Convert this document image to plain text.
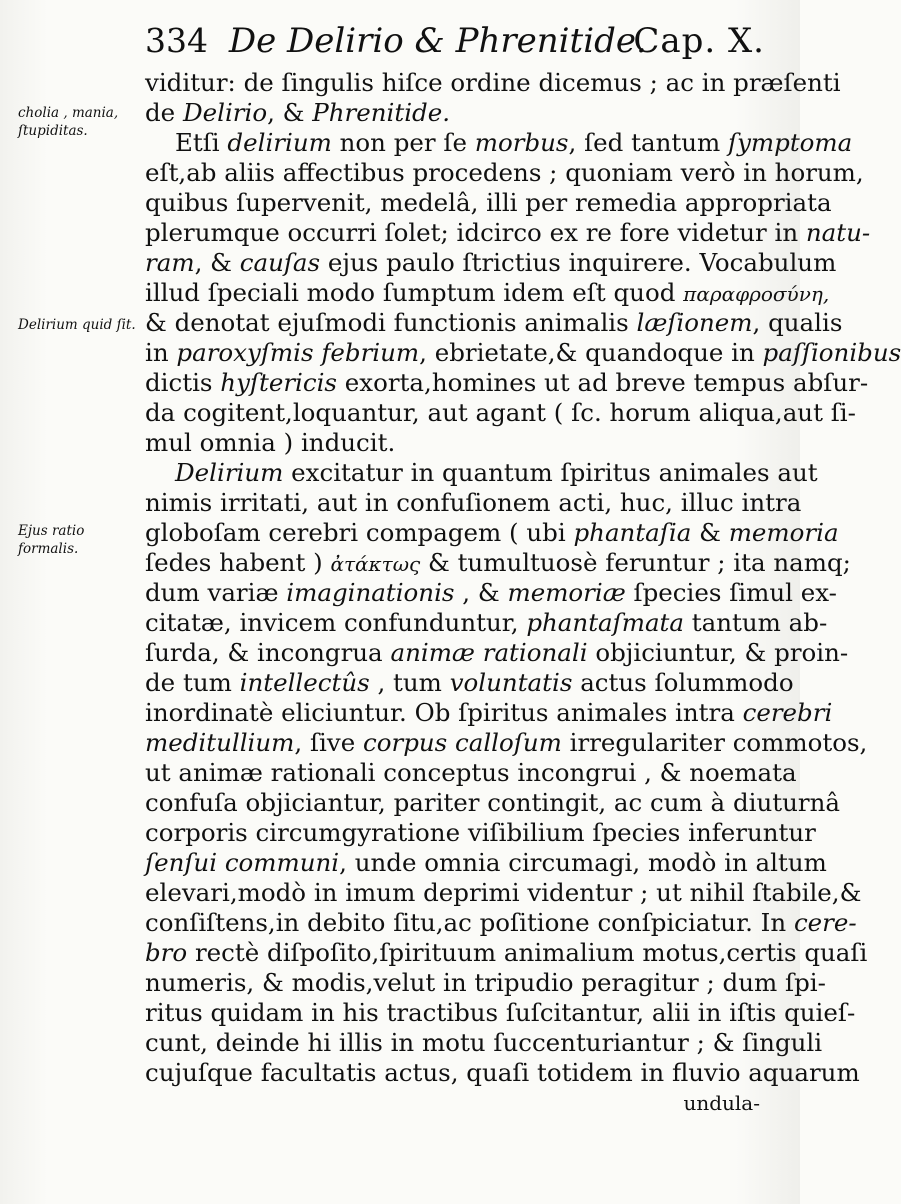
334 De Delirio & Phrenitide.
Cap. X.
cholia , mania, ſtupiditas.
Delirium quid ſit.
Ejus ratio formalis.
viditur: de ſingulis hiſce ordine dicemus ; ac in præſenti
de Delirio, & Phrenitide.
Etſi delirium non per ſe morbus, ſed tantum ſymptoma
eſt,ab aliis affectibus procedens ; quoniam verò in horum,
quibus ſupervenit, medelâ, illi per remedia appropriata
plerumque occurri ſolet; idcirco ex re fore videtur in natu-
ram, & cauſas ejus paulo ſtrictius inquirere. Vocabulum
illud ſpeciali modo ſumptum idem eſt quod παραφροσύνη,
& denotat ejuſmodi functionis animalis læſionem, qualis
in paroxyſmis febrium, ebrietate,& quandoque in paſſionibus
dictis hyſtericis exorta,homines ut ad breve tempus abſur-
da cogitent,loquantur, aut agant ( ſc. horum aliqua,aut ſi-
mul omnia ) inducit.
Delirium excitatur in quantum ſpiritus animales aut
nimis irritati, aut in confuſionem acti, huc, illuc intra
globoſam cerebri compagem ( ubi phantaſia & memoria
ſedes habent ) ἀτάκτως & tumultuosè feruntur ; ita namq;
dum variæ imaginationis , & memoriæ ſpecies ſimul ex-
citatæ, invicem confunduntur, phantaſmata tantum ab-
ſurda, & incongrua animæ rationali objiciuntur, & proin-
de tum intellectûs , tum voluntatis actus ſolummodo
inordinatè eliciuntur. Ob ſpiritus animales intra cerebri
meditullium, ſive corpus calloſum irregulariter commotos,
ut animæ rationali conceptus incongrui , & noemata
confuſa objiciantur, pariter contingit, ac cum à diuturnâ
corporis circumgyratione viſibilium ſpecies inferuntur
ſenſui communi, unde omnia circumagi, modò in altum
elevari,modò in imum deprimi videntur ; ut nihil ſtabile,&
conſiſtens,in debito ſitu,ac poſitione conſpiciatur. In cere-
bro rectè diſpoſito,ſpirituum animalium motus,certis quaſi
numeris, & modis,velut in tripudio peragitur ; dum ſpi-
ritus quidam in his tractibus ſuſcitantur, alii in iſtis quieſ-
cunt, deinde hi illis in motu ſuccenturiantur ; & ſinguli
cujuſque facultatis actus, quaſi totidem in fluvio aquarum
undula-
